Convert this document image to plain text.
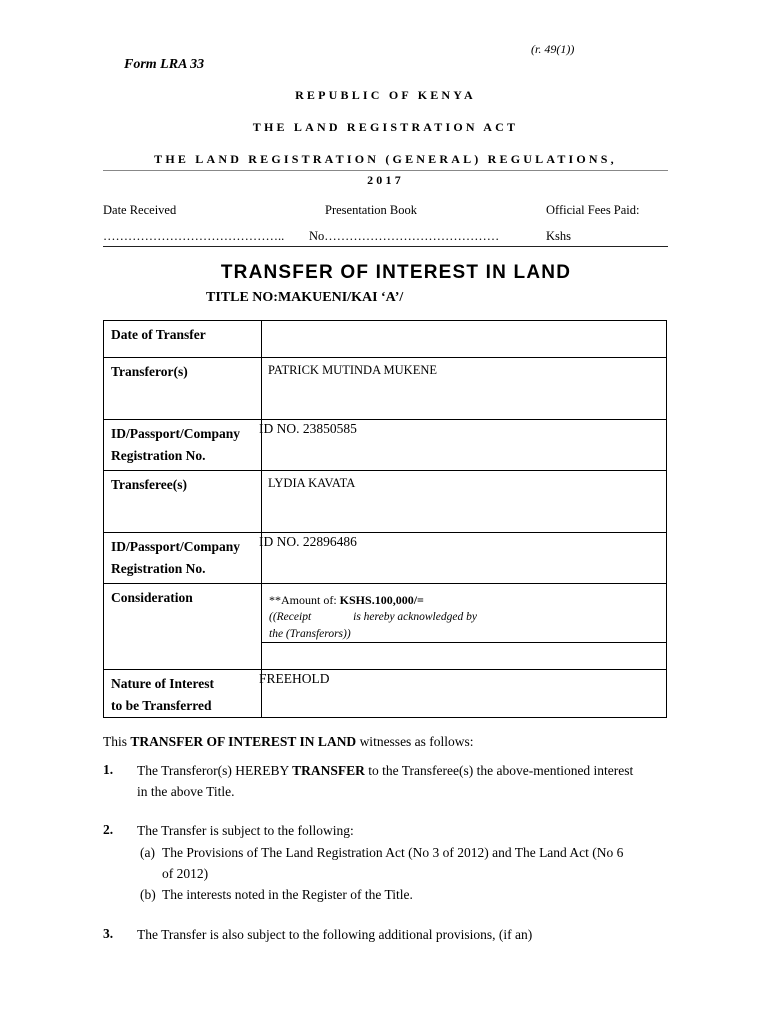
(r. 49(1))
Form LRA 33
REPUBLIC OF KENYA
THE LAND REGISTRATION ACT
THE LAND REGISTRATION (GENERAL) REGULATIONS,
2017
Date Received	Presentation Book	Official Fees Paid:
…………………………………….. No……………………………………	Kshs
TRANSFER OF INTEREST IN LAND
TITLE NO:MAKUENI/KAI ‘A’/
Date of Transfer	

Transferor(s)	PATRICK MUTINDA MUKENE

ID/Passport/Company
Registration No.	ID NO. 23850585

Transferee(s)	LYDIA KAVATA

ID/Passport/Company
Registration No.	ID NO. 22896486

Consideration	**Amount of: KSHS.100,000/=
((Receipt is hereby acknowledged by
the (Transferors))

Nature of Interest
to be Transferred	FREEHOLD
This TRANSFER OF INTEREST IN LAND witnesses as follows:
1. The Transferor(s) HEREBY TRANSFER to the Transferee(s) the above-mentioned interest
in the above Title.
2. The Transfer is subject to the following:
(a) The Provisions of The Land Registration Act (No 3 of 2012) and The Land Act (No 6
of 2012)
(b) The interests noted in the Register of the Title.
3. The Transfer is also subject to the following additional provisions, (if an)
